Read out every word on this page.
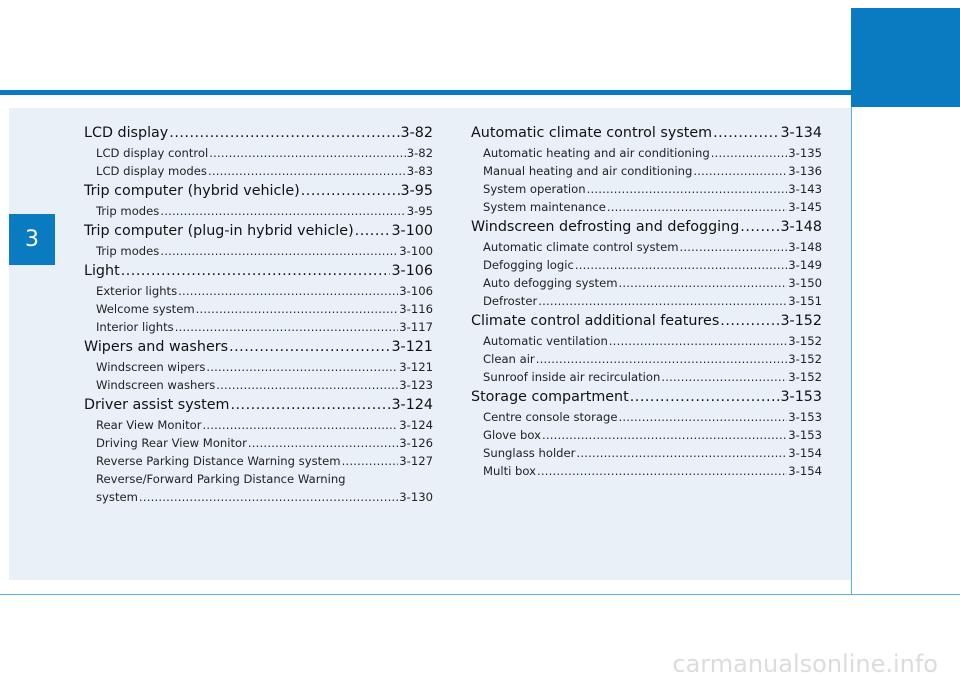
3
LCD display .....	3-82
LCD display control .....	3-82
LCD display modes .....	3-83
Trip computer (hybrid vehicle) .....	3-95
Trip modes .....	3-95
Trip computer (plug-in hybrid vehicle) .....	3-100
Trip modes .....	3-100
Light .....	3-106
Exterior lights .....	3-106
Welcome system .....	3-116
Interior lights .....	3-117
Wipers and washers .....	3-121
Windscreen wipers .....	3-121
Windscreen washers .....	3-123
Driver assist system .....	3-124
Rear View Monitor .....	3-124
Driving Rear View Monitor .....	3-126
Reverse Parking Distance Warning system .....	3-127
Reverse/Forward Parking Distance Warning
system .....	3-130
Automatic climate control system .....	3-134
Automatic heating and air conditioning .....	3-135
Manual heating and air conditioning .....	3-136
System operation .....	3-143
System maintenance .....	3-145
Windscreen defrosting and defogging .....	3-148
Automatic climate control system .....	3-148
Defogging logic .....	3-149
Auto defogging system .....	3-150
Defroster .....	3-151
Climate control additional features .....	3-152
Automatic ventilation .....	3-152
Clean air .....	3-152
Sunroof inside air recirculation .....	3-152
Storage compartment .....	3-153
Centre console storage .....	3-153
Glove box .....	3-153
Sunglass holder .....	3-154
Multi box .....	3-154
carmanualsonline.info
